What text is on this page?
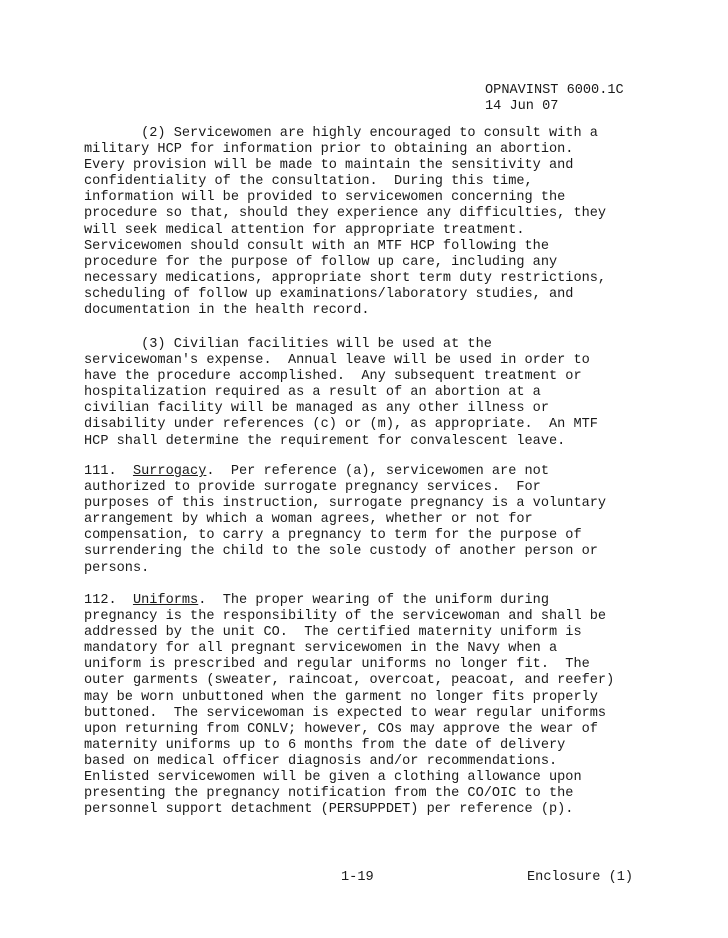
OPNAVINST 6000.1C
14 Jun 07
(2) Servicewomen are highly encouraged to consult with a
military HCP for information prior to obtaining an abortion.
Every provision will be made to maintain the sensitivity and
confidentiality of the consultation.  During this time,
information will be provided to servicewomen concerning the
procedure so that, should they experience any difficulties, they
will seek medical attention for appropriate treatment.
Servicewomen should consult with an MTF HCP following the
procedure for the purpose of follow up care, including any
necessary medications, appropriate short term duty restrictions,
scheduling of follow up examinations/laboratory studies, and
documentation in the health record.
(3) Civilian facilities will be used at the
servicewoman's expense.  Annual leave will be used in order to
have the procedure accomplished.  Any subsequent treatment or
hospitalization required as a result of an abortion at a
civilian facility will be managed as any other illness or
disability under references (c) or (m), as appropriate.  An MTF
HCP shall determine the requirement for convalescent leave.
111.  Surrogacy.  Per reference (a), servicewomen are not
authorized to provide surrogate pregnancy services.  For
purposes of this instruction, surrogate pregnancy is a voluntary
arrangement by which a woman agrees, whether or not for
compensation, to carry a pregnancy to term for the purpose of
surrendering the child to the sole custody of another person or
persons.
112.  Uniforms.  The proper wearing of the uniform during
pregnancy is the responsibility of the servicewoman and shall be
addressed by the unit CO.  The certified maternity uniform is
mandatory for all pregnant servicewomen in the Navy when a
uniform is prescribed and regular uniforms no longer fit.  The
outer garments (sweater, raincoat, overcoat, peacoat, and reefer)
may be worn unbuttoned when the garment no longer fits properly
buttoned.  The servicewoman is expected to wear regular uniforms
upon returning from CONLV; however, COs may approve the wear of
maternity uniforms up to 6 months from the date of delivery
based on medical officer diagnosis and/or recommendations.
Enlisted servicewomen will be given a clothing allowance upon
presenting the pregnancy notification from the CO/OIC to the
personnel support detachment (PERSUPPDET) per reference (p).
1-19	Enclosure (1)
